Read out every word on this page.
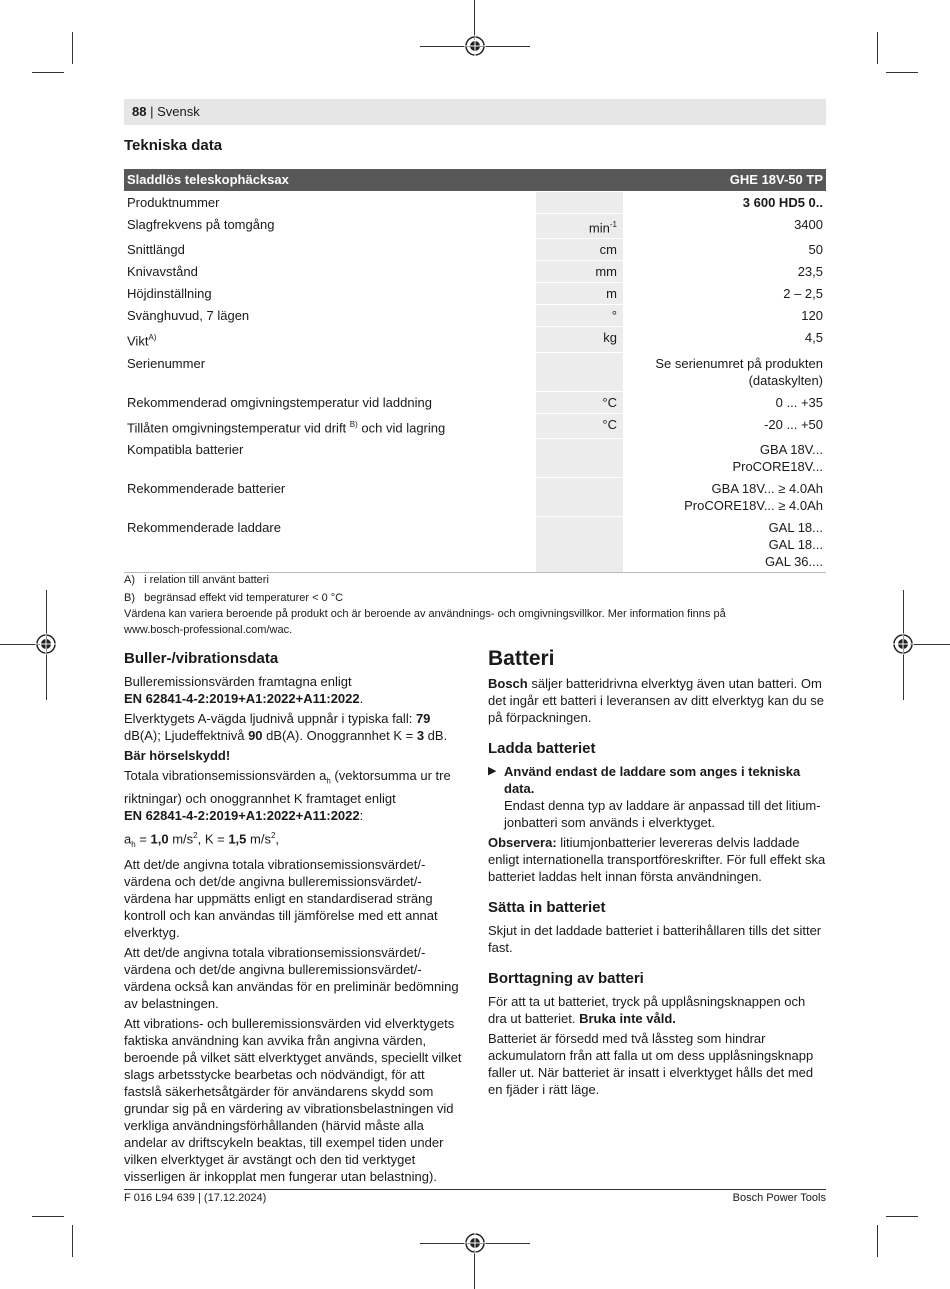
88 | Svensk
Tekniska data
Sladdlös teleskophäcksax		GHE 18V-50 TP
Produktnummer		3 600 HD5 0..
Slagfrekvens på tomgång	$\min^{-1}$	3400
Snittlängd	cm	50
Knivavstånd	mm	23,5
Höjdinställning	m	2 – 2,5
Svänghuvud, 7 lägen	°	120
Vikt$^{A)}$	kg	4,5
Serienummer		Se serienumret på produkten
(dataskylten)
Rekommenderad omgivningstemperatur vid laddning	°C	0 ... +35
Tillåten omgivningstemperatur vid drift $^{B)}$ och vid lagring	°C	-20 ... +50
Kompatibla batterier		GBA 18V...
ProCORE18V...
Rekommenderade batterier		GBA 18V... ≥ 4.0Ah
ProCORE18V... ≥ 4.0Ah
Rekommenderade laddare		GAL 18...
GAL 18...
GAL 36....
A) i relation till använt batteri
B) begränsad effekt vid temperaturer < 0 °C
Värdena kan variera beroende på produkt och är beroende av användnings- och omgivningsvillkor. Mer information finns på
www.bosch-professional.com/wac.
Buller-/vibrationsdata

Bulleremissionsvärden framtagna enligt
EN 62841-4-2:2019+A1:2022+A11:2022.

Elverktygets A-vägda ljudnivå uppnår i typiska fall: 79 dB(A); Ljudeffektnivå 90 dB(A). Onoggrannhet K = 3 dB.

Bär hörselskydd!

Totala vibrationsemissionsvärden $a_h$ (vektorsumma ur tre riktningar) och onoggrannhet K framtaget enligt
EN 62841-4-2:2019+A1:2022+A11:2022:

$a_h = 1,0$ $m/s^2$, K = 1,5 $m/s^2$,

Att det/de angivna totala vibrationsemissionsvärdet/-värdena och det/de angivna bulleremissionsvärdet/-värdena har uppmätts enligt en standardiserad sträng kontroll och kan användas till jämförelse med ett annat elverktyg.

Att det/de angivna totala vibrationsemissionsvärdet/-värdena och det/de angivna bulleremissionsvärdet/-värdena också kan användas för en preliminär bedömning av belastningen.

Att vibrations- och bulleremissionsvärden vid elverktygets faktiska användning kan avvika från angivna värden, beroende på vilket sätt elverktyget används, speciellt vilket slags arbetsstycke bearbetas och nödvändigt, för att fastslå säkerhetsåtgärder för användarens skydd som grundar sig på en värdering av vibrationsbelastningen vid verkliga användningsförhållanden (härvid måste alla andelar av driftscykeln beaktas, till exempel tiden under vilken elverktyget är avstängt och den tid verktyget visserligen är inkopplat men fungerar utan belastning).

Batteri

Bosch säljer batteridrivna elverktyg även utan batteri. Om det ingår ett batteri i leveransen av ditt elverktyg kan du se på förpackningen.

Ladda batteriet
▶ Använd endast de laddare som anges i tekniska data.
Endast denna typ av laddare är anpassad till det litium-jonbatteri som används i elverktyget.

Observera: litiumjonbatterier levereras delvis laddade enligt internationella transportföreskrifter. För full effekt ska batteriet laddas helt innan första användningen.

Sätta in batteriet

Skjut in det laddade batteriet i batterihållaren tills det sitter fast.

Borttagning av batteri

För att ta ut batteriet, tryck på upplåsningsknappen och dra ut batteriet. Bruka inte våld.

Batteriet är försedd med två låssteg som hindrar ackumulatorn från att falla ut om dess upplåsningsknapp faller ut. När batteriet är insatt i elverktyget hålls det med en fjäder i rätt läge.

F 016 L94 639 | (17.12.2024)	Bosch Power Tools
